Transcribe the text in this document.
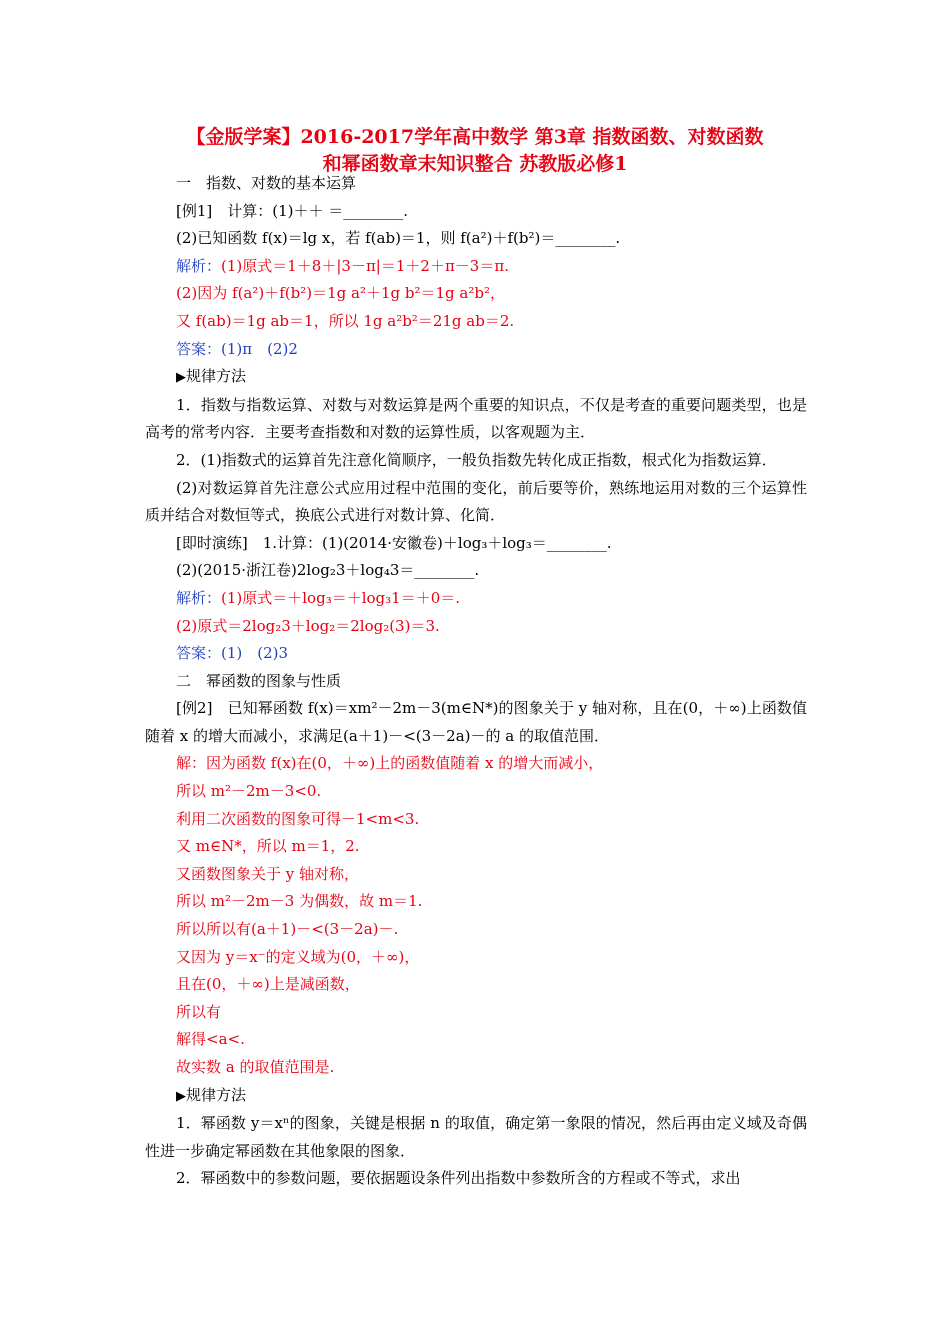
【金版学案】2016-2017学年高中数学 第3章 指数函数、对数函数
和幂函数章末知识整合 苏教版必修1

一　指数、对数的基本运算

[例1]　计算：(1)＋＋ ＝________.

(2)已知函数 f(x)＝lg x，若 f(ab)＝1，则 f(a²)＋f(b²)＝________.

解析：(1)原式＝1＋8＋|3－π|＝1＋2＋π－3＝π.

(2)因为 f(a²)＋f(b²)＝1g a²＋1g b²＝1g a²b²，

又 f(ab)＝1g ab＝1，所以 1g a²b²＝21g ab＝2.

答案：(1)π　(2)2

▶规律方法

1．指数与指数运算、对数与对数运算是两个重要的知识点，不仅是考查的重要问题类型，也是高考的常考内容．主要考查指数和对数的运算性质，以客观题为主．

2．(1)指数式的运算首先注意化简顺序，一般负指数先转化成正指数，根式化为指数运算．

(2)对数运算首先注意公式应用过程中范围的变化，前后要等价，熟练地运用对数的三个运算性质并结合对数恒等式，换底公式进行对数计算、化简．

[即时演练]　1.计算：(1)(2014·安徽卷)＋log₃＋log₃＝________.

(2)(2015·浙江卷)2log₂3＋log₄3＝________.

解析：(1)原式＝＋log₃＝＋log₃1＝＋0＝.

(2)原式＝2log₂3＋log₂＝2log₂(3)＝3.

答案：(1)　(2)3

二　幂函数的图象与性质

[例2]　已知幂函数 f(x)＝xm²－2m－3(m∈N*)的图象关于 y 轴对称，且在(0，＋∞)上函数值随着 x 的增大而减小，求满足(a＋1)－<(3－2a)－的 a 的取值范围．

解：因为函数 f(x)在(0，＋∞)上的函数值随着 x 的增大而减小，

所以 m²－2m－3<0.

利用二次函数的图象可得－1<m<3.

又 m∈N*，所以 m＝1，2.

又函数图象关于 y 轴对称，

所以 m²－2m－3 为偶数，故 m＝1.

所以所以有(a＋1)－<(3－2a)－.

又因为 y＝x⁻的定义域为(0，＋∞)，

且在(0，＋∞)上是减函数，

所以有

解得<a<.

故实数 a 的取值范围是.

▶规律方法

1．幂函数 y＝xⁿ的图象，关键是根据 n 的取值，确定第一象限的情况，然后再由定义域及奇偶性进一步确定幂函数在其他象限的图象．

2．幂函数中的参数问题，要依据题设条件列出指数中参数所含的方程或不等式，求出
